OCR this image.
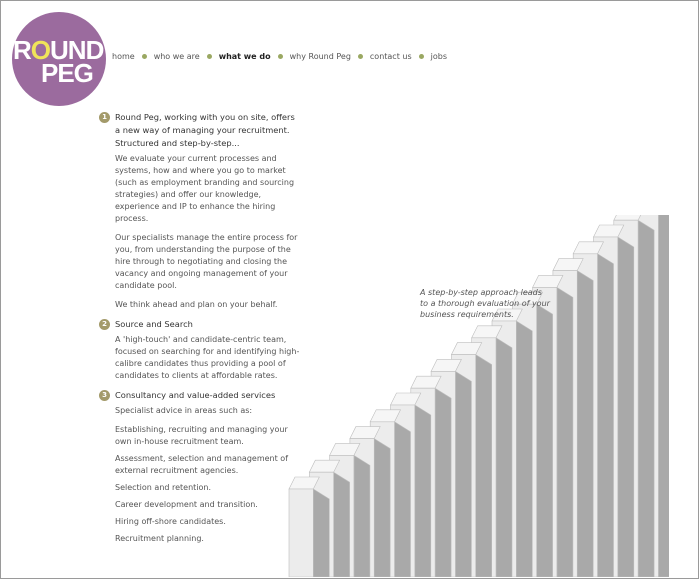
ROUND
PEG
home who we are what we do why Round Peg contact us jobs
A step-by-step approach leads to a thorough evaluation of your business requirements.
1 Round Peg, working with you on site, offers a new way of managing your recruitment. Structured and step-by-step...

We evaluate your current processes and systems, how and where you go to market (such as employment branding and sourcing strategies) and offer our knowledge, experience and IP to enhance the hiring process.

Our specialists manage the entire process for you, from understanding the purpose of the hire through to negotiating and closing the vacancy and ongoing management of your candidate pool.

We think ahead and plan on your behalf.

2 Source and Search

A 'high-touch' and candidate-centric team, focused on searching for and identifying high-calibre candidates thus providing a pool of candidates to clients at affordable rates.

3 Consultancy and value-added services

Specialist advice in areas such as:

Establishing, recruiting and managing your own in-house recruitment team.

Assessment, selection and management of external recruitment agencies.

Selection and retention.

Career development and transition.

Hiring off-shore candidates.

Recruitment planning.
